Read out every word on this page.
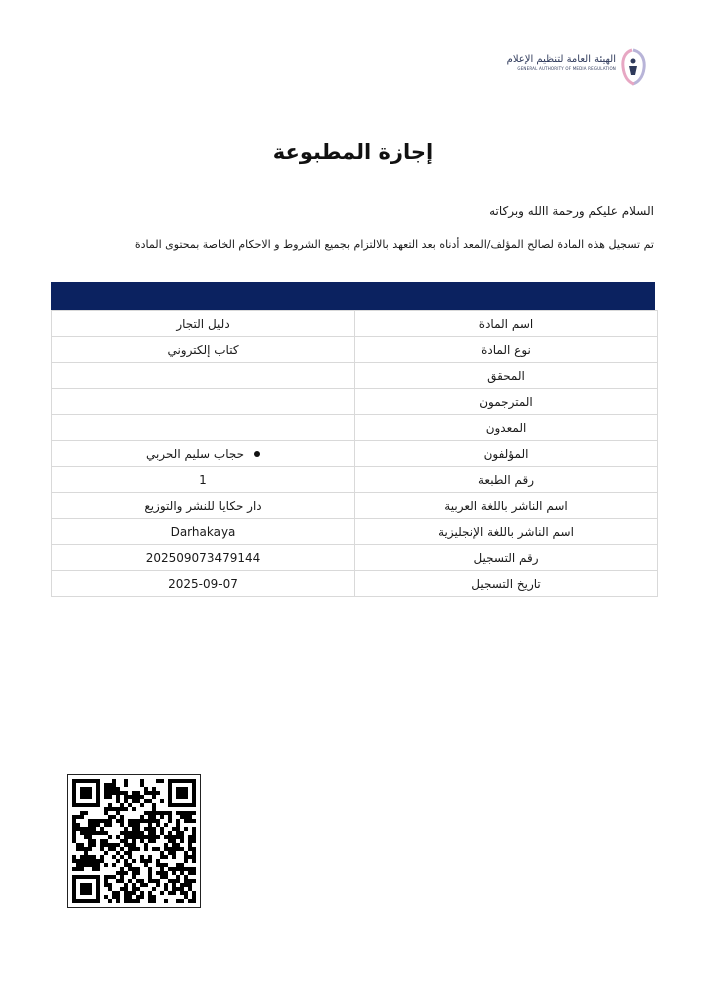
الهيئة العامة لتنظيم الإعلام
GENERAL AUTHORITY OF MEDIA REGULATION
إجازة المطبوعة
السلام عليكم ورحمة االله وبركاته
تم تسجيل هذه المادة لصالح المؤلف/المعد أدناه بعد التعهد بالالتزام بجميع الشروط و الاحكام الخاصة بمحتوى المادة
اسم المادة	دليل التجار
نوع المادة	كتاب إلكتروني
المحقق	
المترجمون	
المعدون	
المؤلفون	حجاب سليم الحربي

رقم الطبعة	1
اسم الناشر باللغة العربية	دار حكايا للنشر والتوزيع
اسم الناشر باللغة الإنجليزية	Darhakaya
رقم التسجيل	202509073479144
تاريخ التسجيل	2025-09-07
